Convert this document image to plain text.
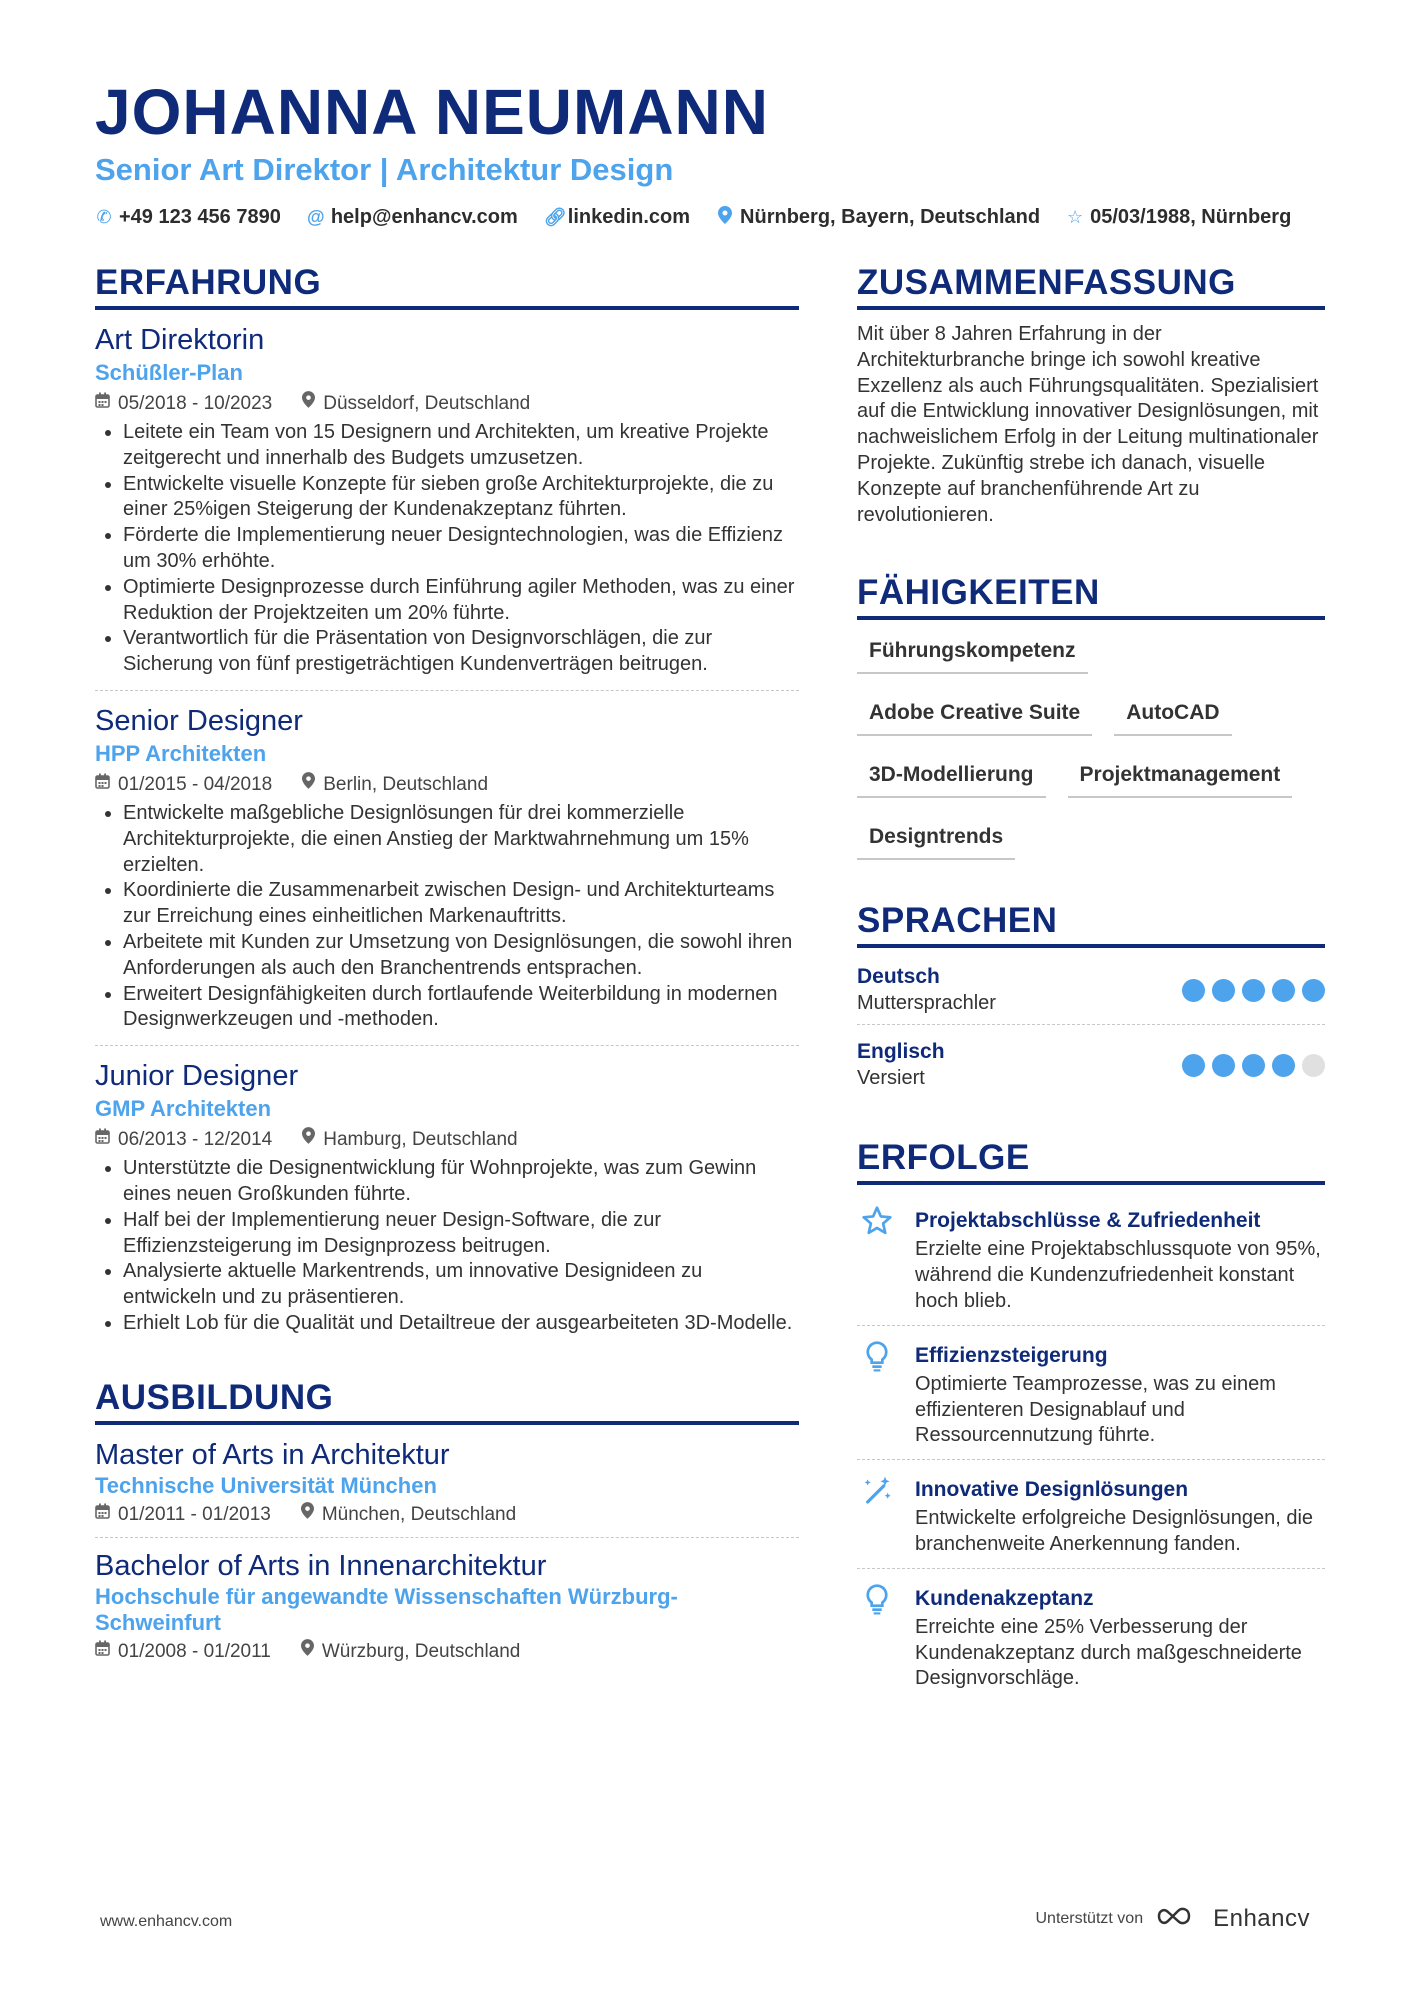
JOHANNA NEUMANN
Senior Art Direktor | Architektur Design
✆ +49 123 456 7890 @ help@enhancv.com 🔗︎ linkedin.com	Nürnberg, Bayern, Deutschland ☆ 05/03/1988, Nürnberg
ERFAHRUNG
Art Direktorin
Schüßler-Plan
05/2018 - 10/2023	Düsseldorf, Deutschland
• Leitete ein Team von 15 Designern und Architekten, um kreative Projekte zeitgerecht und innerhalb des Budgets umzusetzen.
• Entwickelte visuelle Konzepte für sieben große Architekturprojekte, die zu einer 25%igen Steigerung der Kundenakzeptanz führten.
• Förderte die Implementierung neuer Designtechnologien, was die Effizienz um 30% erhöhte.
• Optimierte Designprozesse durch Einführung agiler Methoden, was zu einer Reduktion der Projektzeiten um 20% führte.
• Verantwortlich für die Präsentation von Designvorschlägen, die zur Sicherung von fünf prestigeträchtigen Kundenverträgen beitrugen.
Senior Designer
HPP Architekten
01/2015 - 04/2018	Berlin, Deutschland
• Entwickelte maßgebliche Designlösungen für drei kommerzielle Architekturprojekte, die einen Anstieg der Marktwahrnehmung um 15% erzielten.
• Koordinierte die Zusammenarbeit zwischen Design- und Architekturteams zur Erreichung eines einheitlichen Markenauftritts.
• Arbeitete mit Kunden zur Umsetzung von Designlösungen, die sowohl ihren Anforderungen als auch den Branchentrends entsprachen.
• Erweitert Designfähigkeiten durch fortlaufende Weiterbildung in modernen Designwerkzeugen und -methoden.
Junior Designer
GMP Architekten
06/2013 - 12/2014	Hamburg, Deutschland
• Unterstützte die Designentwicklung für Wohnprojekte, was zum Gewinn eines neuen Großkunden führte.
• Half bei der Implementierung neuer Design-Software, die zur Effizienzsteigerung im Designprozess beitrugen.
• Analysierte aktuelle Markentrends, um innovative Designideen zu entwickeln und zu präsentieren.
• Erhielt Lob für die Qualität und Detailtreue der ausgearbeiteten 3D-Modelle.
AUSBILDUNG
Master of Arts in Architektur
Technische Universität München
01/2011 - 01/2013	München, Deutschland
Bachelor of Arts in Innenarchitektur
Hochschule für angewandte Wissenschaften Würzburg-Schweinfurt
01/2008 - 01/2011	Würzburg, Deutschland
ZUSAMMENFASSUNG

Mit über 8 Jahren Erfahrung in der Architekturbranche bringe ich sowohl kreative Exzellenz als auch Führungsqualitäten. Spezialisiert auf die Entwicklung innovativer Designlösungen, mit nachweislichem Erfolg in der Leitung multinationaler Projekte. Zukünftig strebe ich danach, visuelle Konzepte auf branchenführende Art zu revolutionieren.

FÄHIGKEITEN
Führungskompetenz
Adobe Creative Suite	AutoCAD
3D-Modellierung	Projektmanagement
Designtrends
SPRACHEN
Deutsch
Muttersprachler
Englisch
Versiert
ERFOLGE
Projektabschlüsse & Zufriedenheit
Erzielte eine Projektabschlussquote von 95%, während die Kundenzufriedenheit konstant hoch blieb.
Effizienzsteigerung
Optimierte Teamprozesse, was zu einem effizienteren Designablauf und Ressourcennutzung führte.
Innovative Designlösungen
Entwickelte erfolgreiche Designlösungen, die branchenweite Anerkennung fanden.
Kundenakzeptanz
Erreichte eine 25% Verbesserung der Kundenakzeptanz durch maßgeschneiderte Designvorschläge.
www.enhancv.com	Unterstützt von	Enhancv
